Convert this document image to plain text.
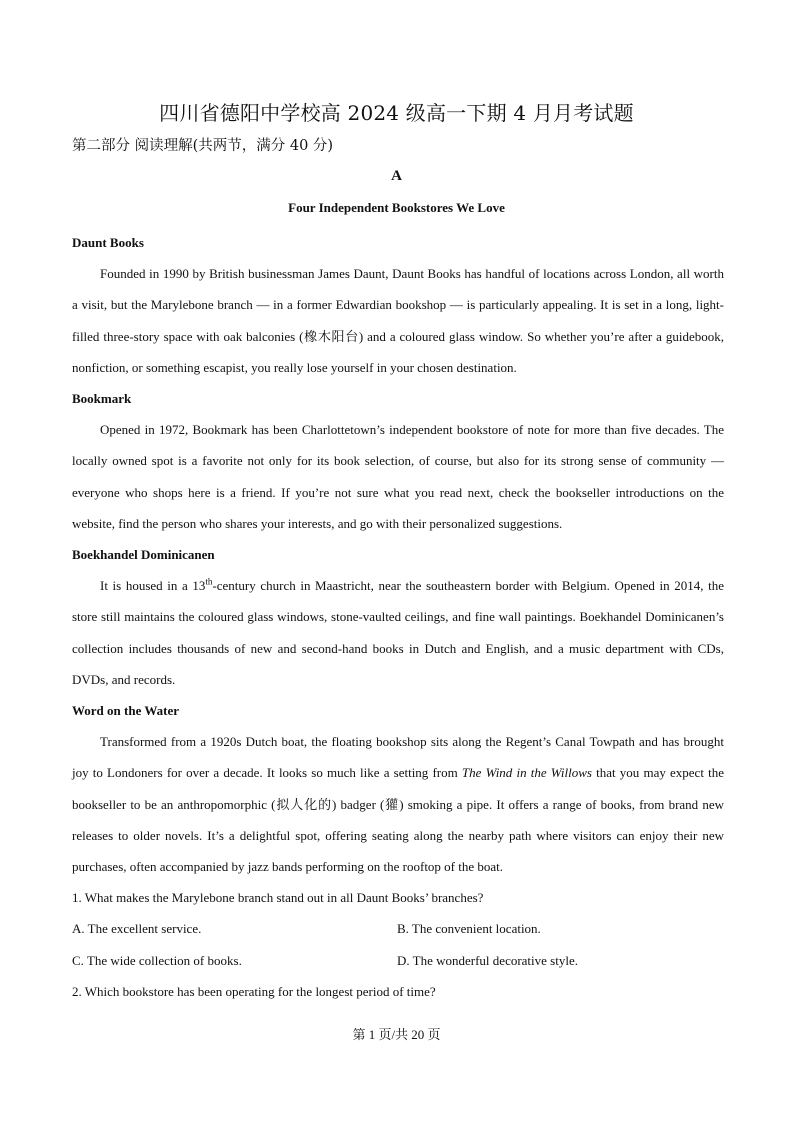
四川省德阳中学校高 2024 级高一下期 4 月月考试题
第二部分 阅读理解(共两节，满分 40 分)
A
Four Independent Bookstores We Love

Daunt Books

Founded in 1990 by British businessman James Daunt, Daunt Books has handful of locations across London, all worth a visit, but the Marylebone branch — in a former Edwardian bookshop — is particularly appealing. It is set in a long, light-filled three-story space with oak balconies (橡木阳台) and a coloured glass window. So whether you’re after a guidebook, nonfiction, or something escapist, you really lose yourself in your chosen destination.

Bookmark

Opened in 1972, Bookmark has been Charlottetown’s independent bookstore of note for more than five decades. The locally owned spot is a favorite not only for its book selection, of course, but also for its strong sense of community — everyone who shops here is a friend. If you’re not sure what you read next, check the bookseller introductions on the website, find the person who shares your interests, and go with their personalized suggestions.

Boekhandel Dominicanen

It is housed in a 13th-century church in Maastricht, near the southeastern border with Belgium. Opened in 2014, the store still maintains the coloured glass windows, stone-vaulted ceilings, and fine wall paintings. Boekhandel Dominicanen’s collection includes thousands of new and second-hand books in Dutch and English, and a music department with CDs, DVDs, and records.

Word on the Water

Transformed from a 1920s Dutch boat, the floating bookshop sits along the Regent’s Canal Towpath and has brought joy to Londoners for over a decade. It looks so much like a setting from The Wind in the Willows that you may expect the bookseller to be an anthropomorphic (拟人化的) badger (獾) smoking a pipe. It offers a range of books, from brand new releases to older novels. It’s a delightful spot, offering seating along the nearby path where visitors can enjoy their new purchases, often accompanied by jazz bands performing on the rooftop of the boat.

1. What makes the Marylebone branch stand out in all Daunt Books’ branches?

A. The excellent service.	B. The convenient location.
C. The wide collection of books.	D. The wonderful decorative style.

2. Which bookstore has been operating for the longest period of time?

第 1 页/共 20 页
